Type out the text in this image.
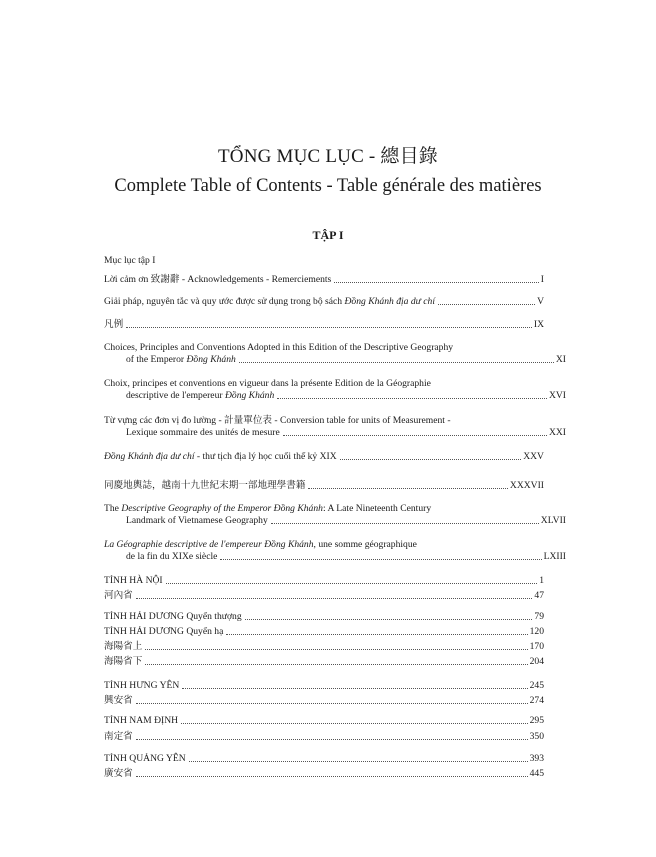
TỔNG MỤC LỤC - 總目錄
Complete Table of Contents - Table générale des matières
TẬP I
Mục lục tập I
Lời cảm ơn 致謝辭 - Acknowledgements - Remerciements	I
Giải pháp, nguyên tắc và quy ước được sử dụng trong bộ sách Đồng Khánh địa dư chí	V
凡例	IX
Choices, Principles and Conventions Adopted in this Edition of the Descriptive Geography
of the Emperor Đồng Khánh	XI
Choix, principes et conventions en vigueur dans la présente Edition de la Géographie
descriptive de l'empereur Đồng Khánh	XVI
Từ vựng các đơn vị đo lường - 計量單位表 - Conversion table for units of Measurement -
Lexique sommaire des unités de mesure	XXI
Đồng Khánh địa dư chí - thư tịch địa lý học cuối thế kỷ XIX	XXV
同慶地輿誌，越南十九世紀末期一部地理學書籍	XXXVII
The Descriptive Geography of the Emperor Đồng Khánh: A Late Nineteenth Century
Landmark of Vietnamese Geography	XLVII
La Géographie descriptive de l'empereur Đồng Khánh, une somme géographique
de la fin du XIXe siècle	LXIII
TỈNH HÀ NỘI	1
河內省	47
TỈNH HẢI DƯƠNG Quyển thượng	79
TỈNH HẢI DƯƠNG Quyển hạ	120
海陽省上	170
海陽省下	204
TỈNH HƯNG YÊN	245
興安省	274
TỈNH NAM ĐỊNH	295
南定省	350
TỈNH QUẢNG YÊN	393
廣安省	445
